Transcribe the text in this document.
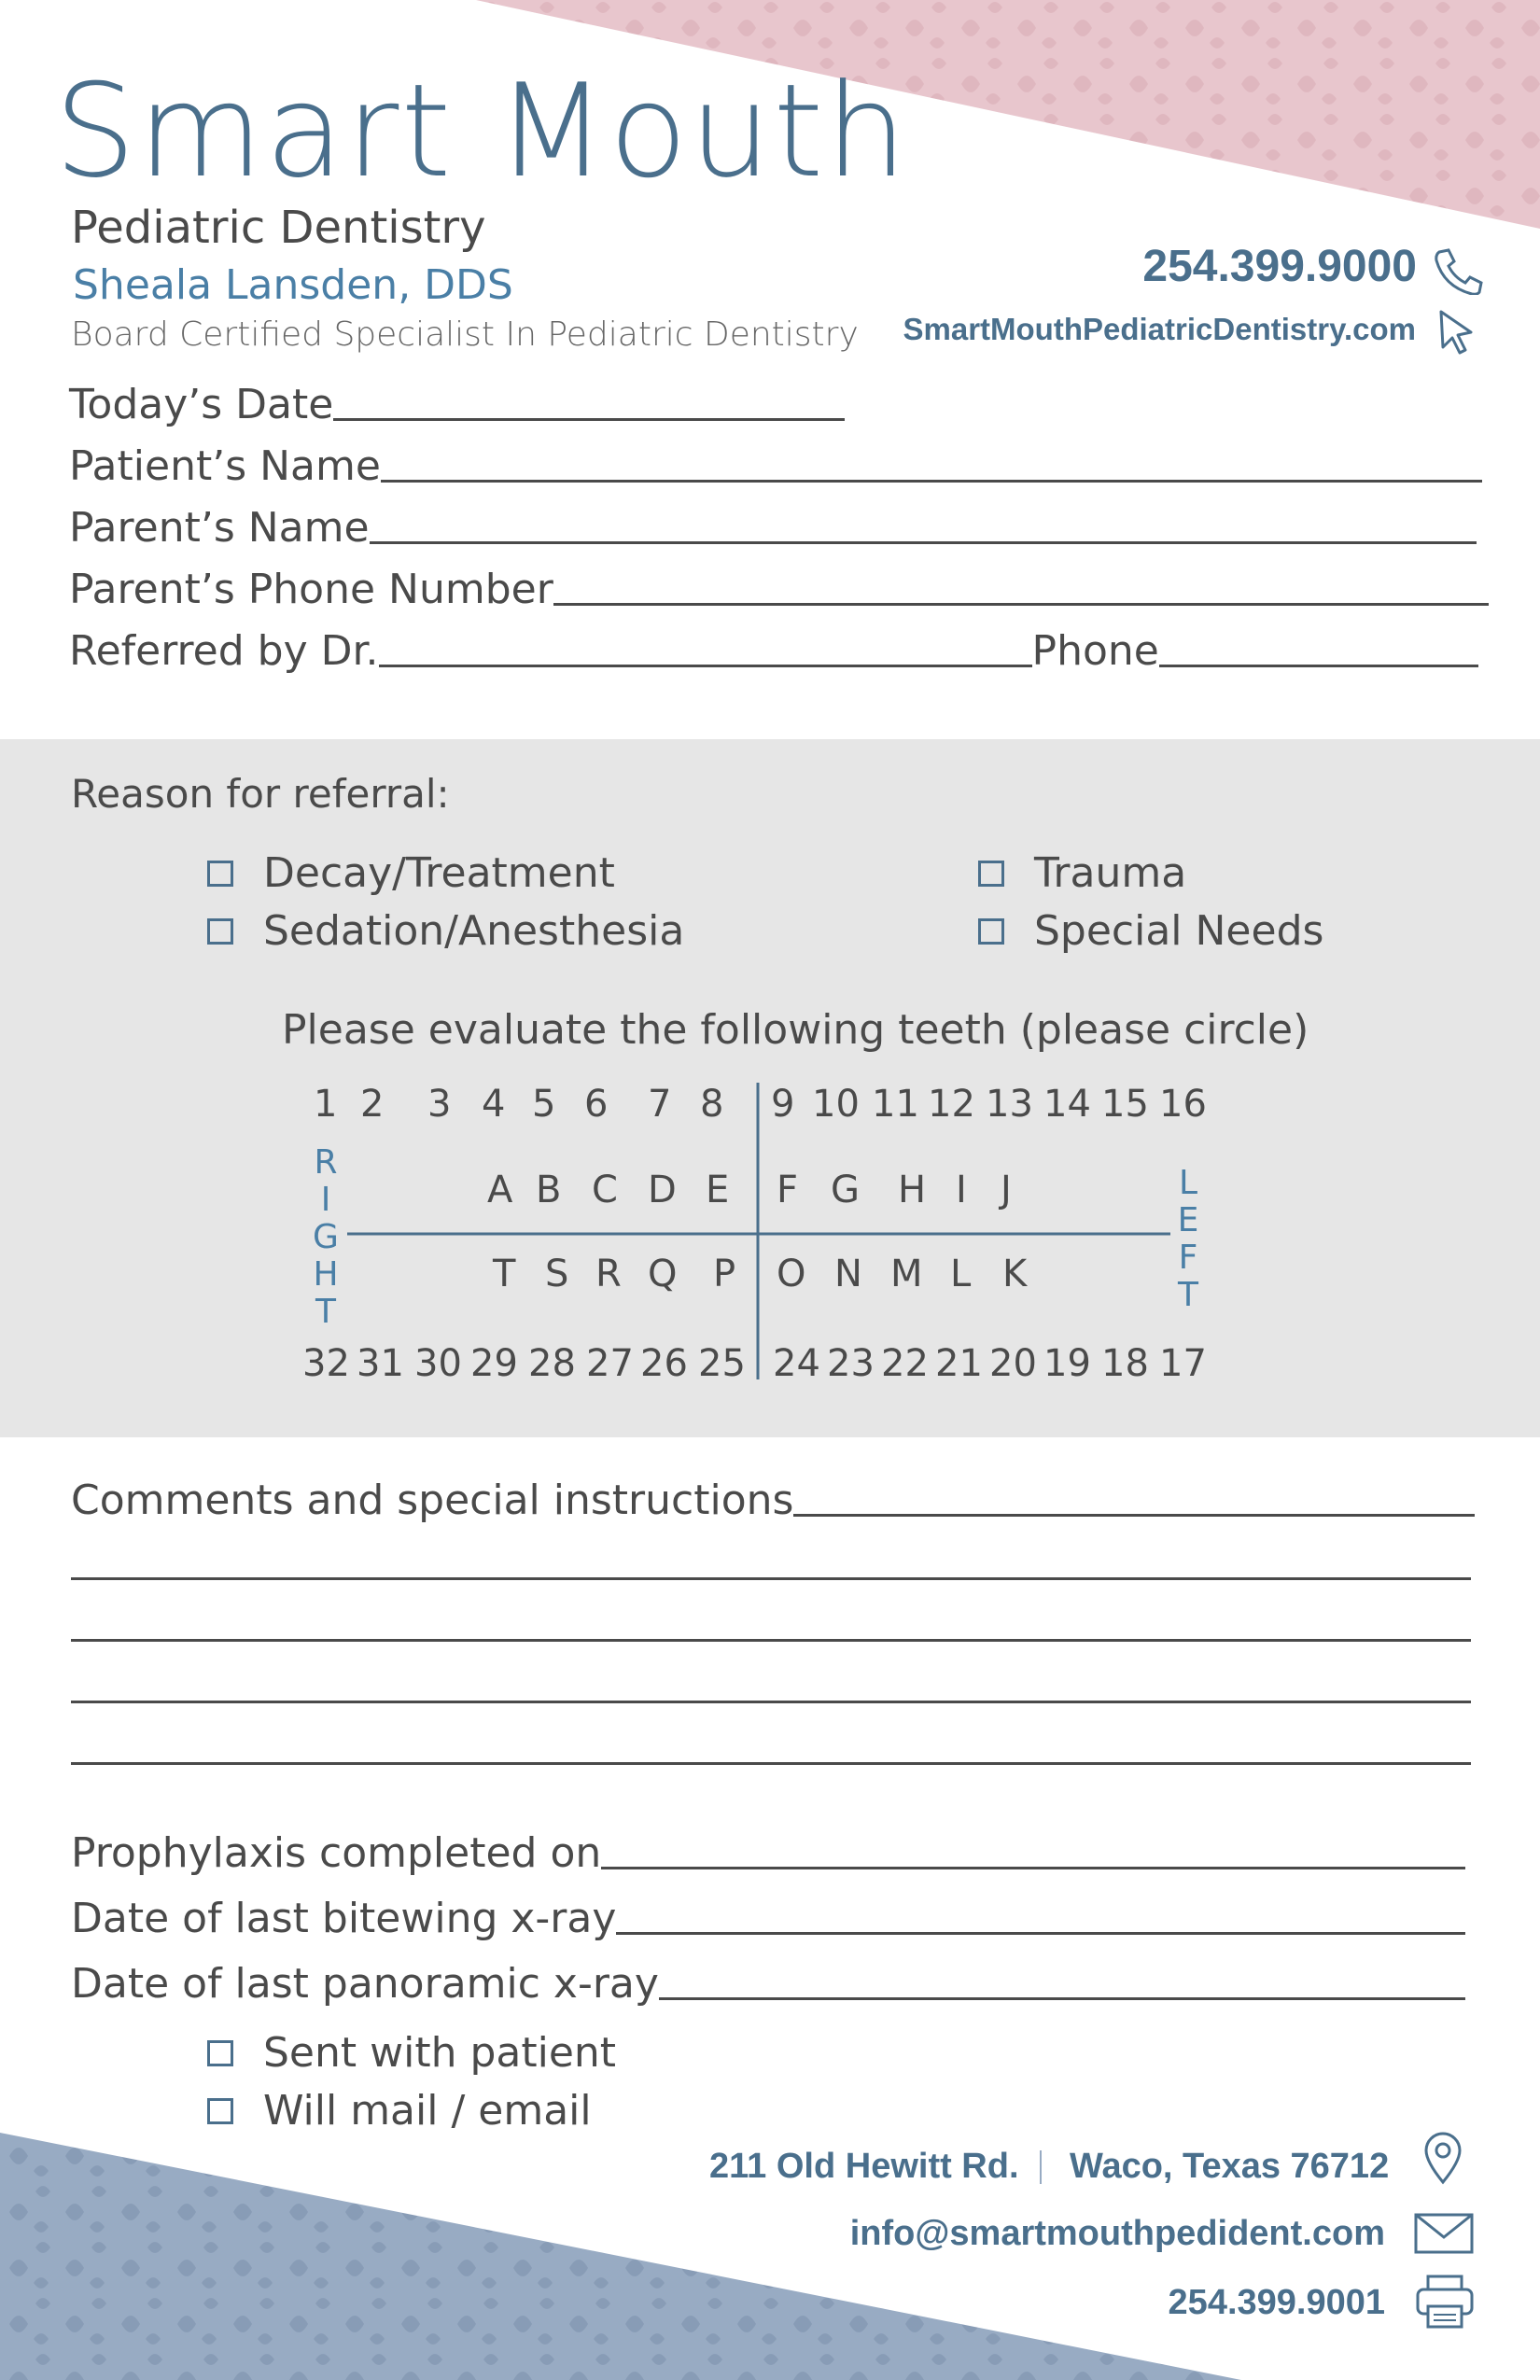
Smart Mouth
Pediatric Dentistry
Sheala Lansden, DDS
Board Certified Specialist In Pediatric Dentistry
254.399.9000
SmartMouthPediatricDentistry.com
Today’s Date
Patient’s Name
Parent’s Name
Parent’s Phone Number
Referred by Dr.	Phone
Reason for referral:
Decay/Treatment
Sedation/Anesthesia
Trauma
Special Needs
Please evaluate the following teeth (please circle)
1 2 3 4 5 6 7 8 9 10 11 12 13 14 15 16
A B C D E F G H I J
T S R Q P O N M L K
32 31 30 29 28 27 26 25 24 23 22 21 20 19 18 17
R
I
G
H
T
L
E
F
T
Comments and special instructions
Prophylaxis completed on
Date of last bitewing x-ray
Date of last panoramic x-ray
Sent with patient
Will mail / email
211 Old Hewitt Rd. Waco, Texas 76712
info@smartmouthpedident.com
254.399.9001
